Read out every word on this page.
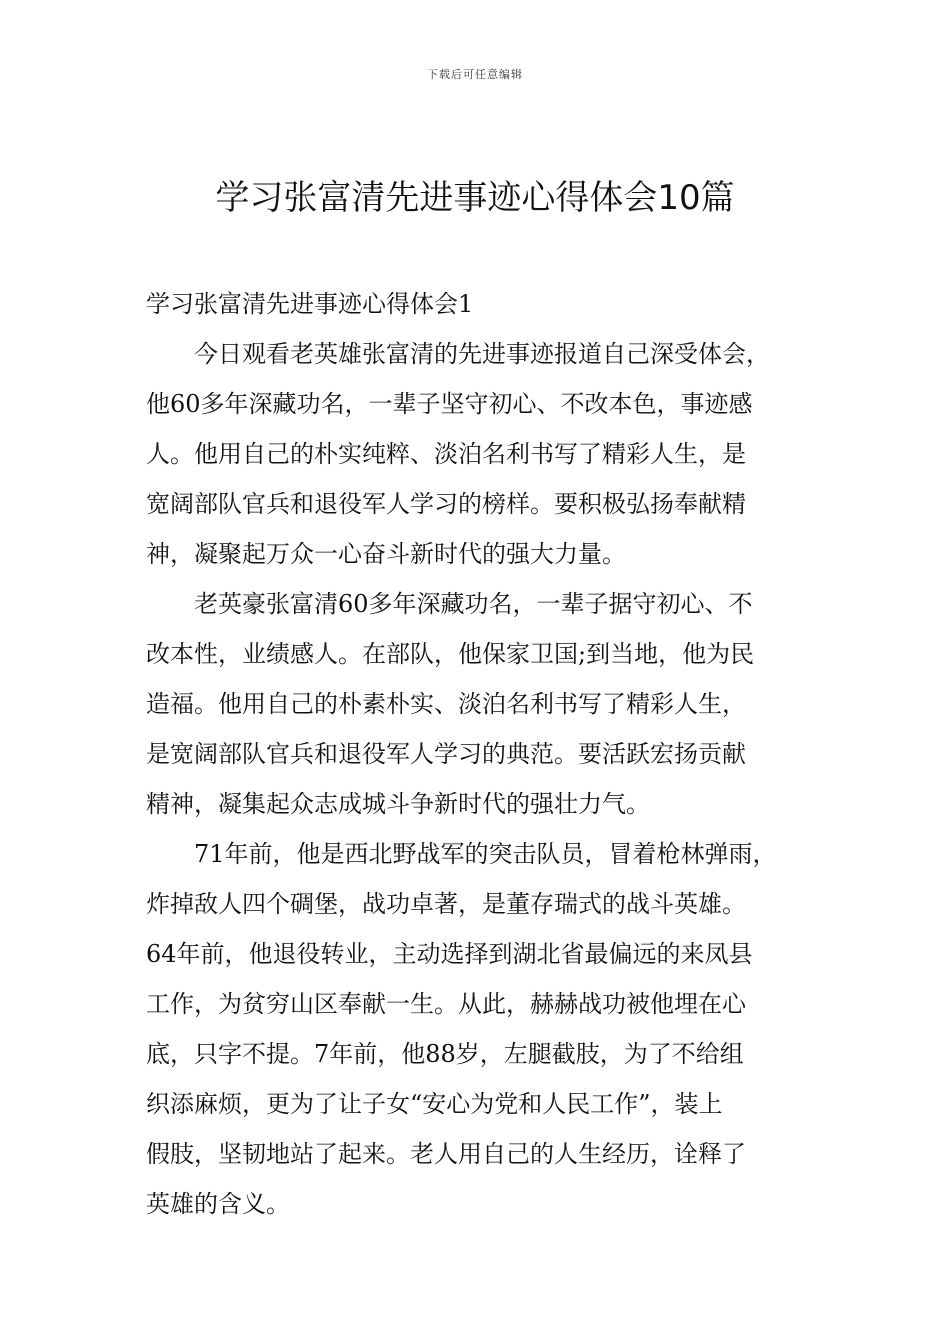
下载后可任意编辑
学习张富清先进事迹心得体会10篇

学习张富清先进事迹心得体会1

今日观看老英雄张富清的先进事迹报道自己深受体会，
他60多年深藏功名，一辈子坚守初心、不改本色，事迹感
人。他用自己的朴实纯粹、淡泊名利书写了精彩人生，是
宽阔部队官兵和退役军人学习的榜样。要积极弘扬奉献精
神，凝聚起万众一心奋斗新时代的强大力量。
老英豪张富清60多年深藏功名，一辈子据守初心、不
改本性，业绩感人。在部队，他保家卫国;到当地，他为民
造福。他用自己的朴素朴实、淡泊名利书写了精彩人生，
是宽阔部队官兵和退役军人学习的典范。要活跃宏扬贡献
精神，凝集起众志成城斗争新时代的强壮力气。
71年前，他是西北野战军的突击队员，冒着枪林弹雨，
炸掉敌人四个碉堡，战功卓著，是董存瑞式的战斗英雄。
64年前，他退役转业，主动选择到湖北省最偏远的来凤县
工作，为贫穷山区奉献一生。从此，赫赫战功被他埋在心
底，只字不提。7年前，他88岁，左腿截肢，为了不给组
织添麻烦，更为了让子女“安心为党和人民工作”，装上
假肢，坚韧地站了起来。老人用自己的人生经历，诠释了
英雄的含义。
